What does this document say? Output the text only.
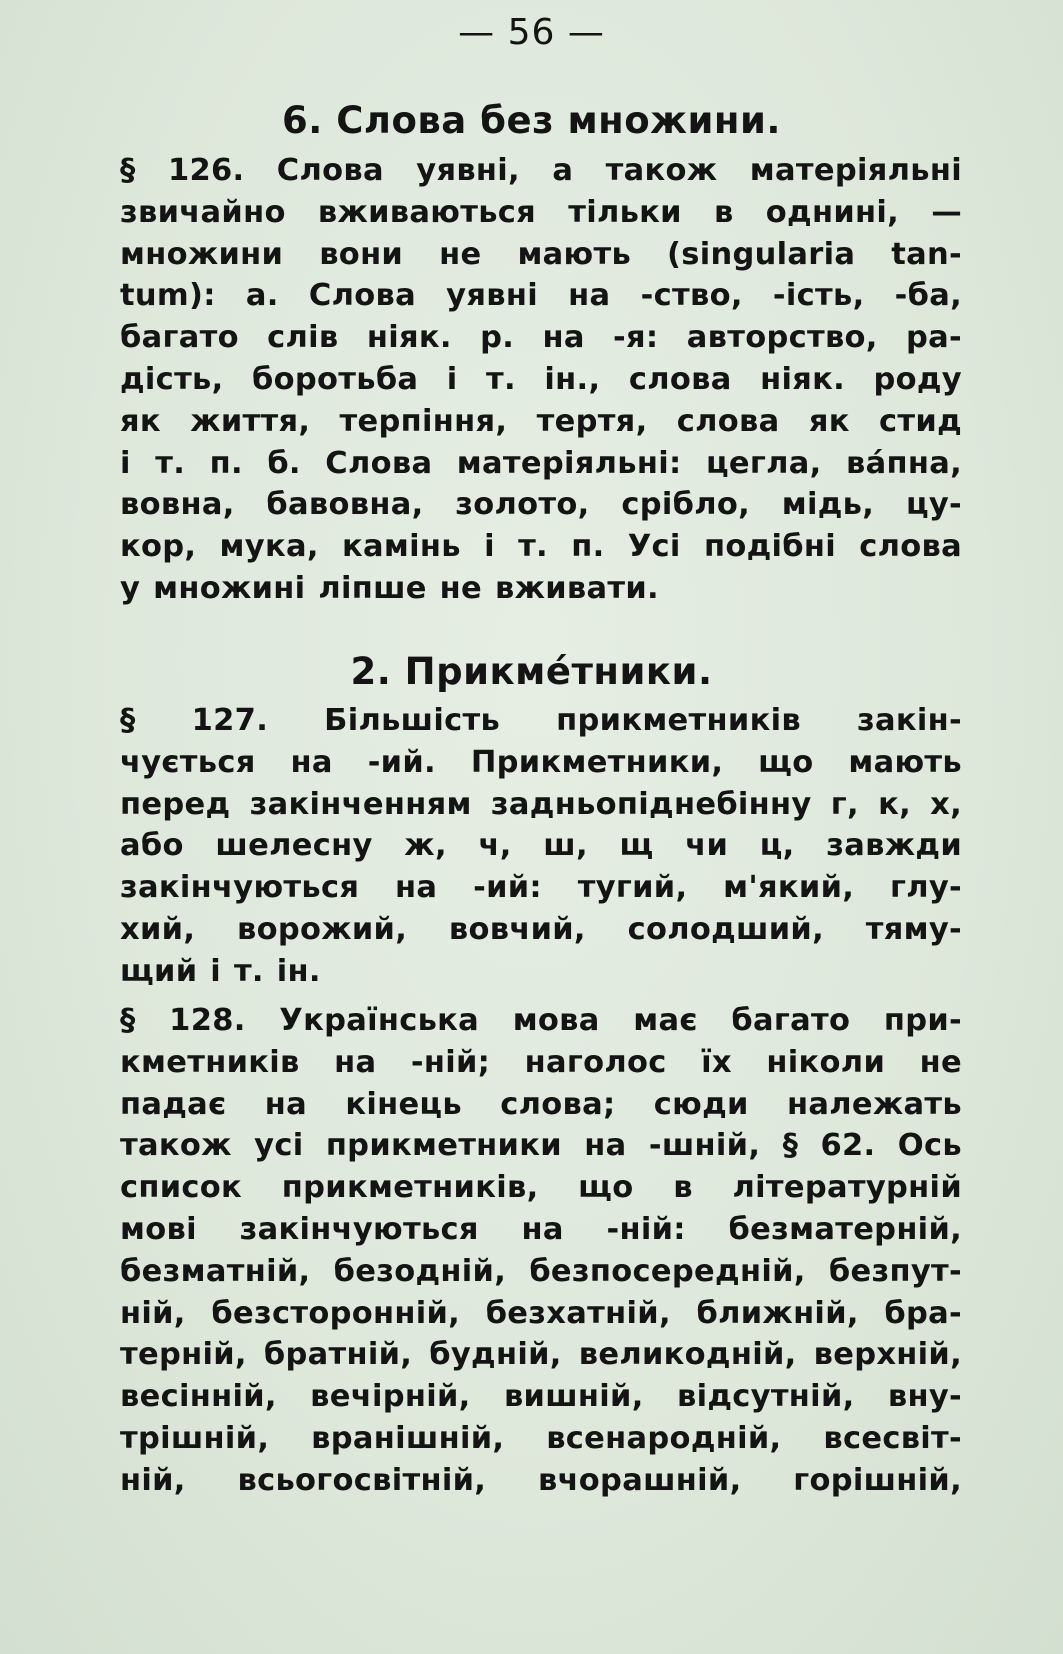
— 56 —
6. Слова без множини.
§ 126. Слова уявні, а також матеріяльні
звичайно вживаються тільки в однині, —
множини вони не мають (singularia tan-
tum): а. Слова уявні на -ство, -ість, -ба,
багато слів ніяк. р. на -я: авторство, ра-
дість, боротьба і т. ін., слова ніяк. роду
як життя, терпіння, тертя, слова як стид
і т. п. б. Слова матеріяльні: цегла, ва́пна,
вовна, бавовна, золото, срібло, мідь, цу-
кор, мука, камінь і т. п. Усі подібні слова
у множині ліпше не вживати.
2. Прикме́тники.
§ 127. Більшість прикметників закін-
чується на -ий. Прикметники, що мають
перед закінченням задньопіднебінну г, к, х,
або шелесну ж, ч, ш, щ чи ц, завжди
закінчуються на -ий: тугий, м'який, глу-
хий, ворожий, вовчий, солодший, тяму-
щий і т. ін.
§ 128. Українська мова має багато при-
кметників на -ній; наголос їх ніколи не
падає на кінець слова; сюди належать
також усі прикметники на -шній, § 62. Ось
список прикметників, що в літературній
мові закінчуються на -ній: безматерній,
безматній, безодній, безпосередній, безпут-
ній, безсторонній, безхатній, ближній, бра-
терній, братній, будній, великодній, верхній,
весінній, вечірній, вишній, відсутній, вну-
трішній, вранішній, всенародній, всесвіт-
ній, всьогосвітній, вчорашній, горішній,
